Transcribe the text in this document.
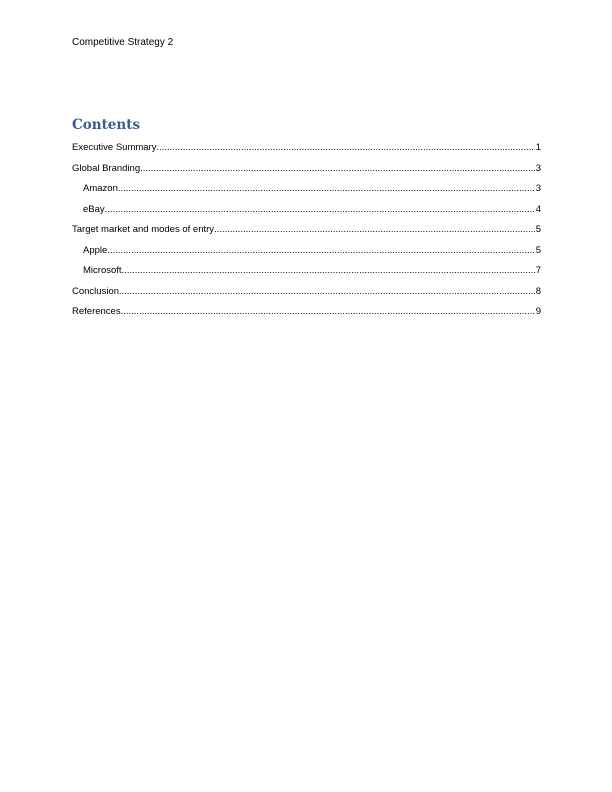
Competitive Strategy 2
Contents
Executive Summary .....	1
Global Branding .....	3
Amazon .....	3
eBay .....	4
Target market and modes of entry .....	5
Apple .....	5
Microsoft .....	7
Conclusion .....	8
References .....	9
